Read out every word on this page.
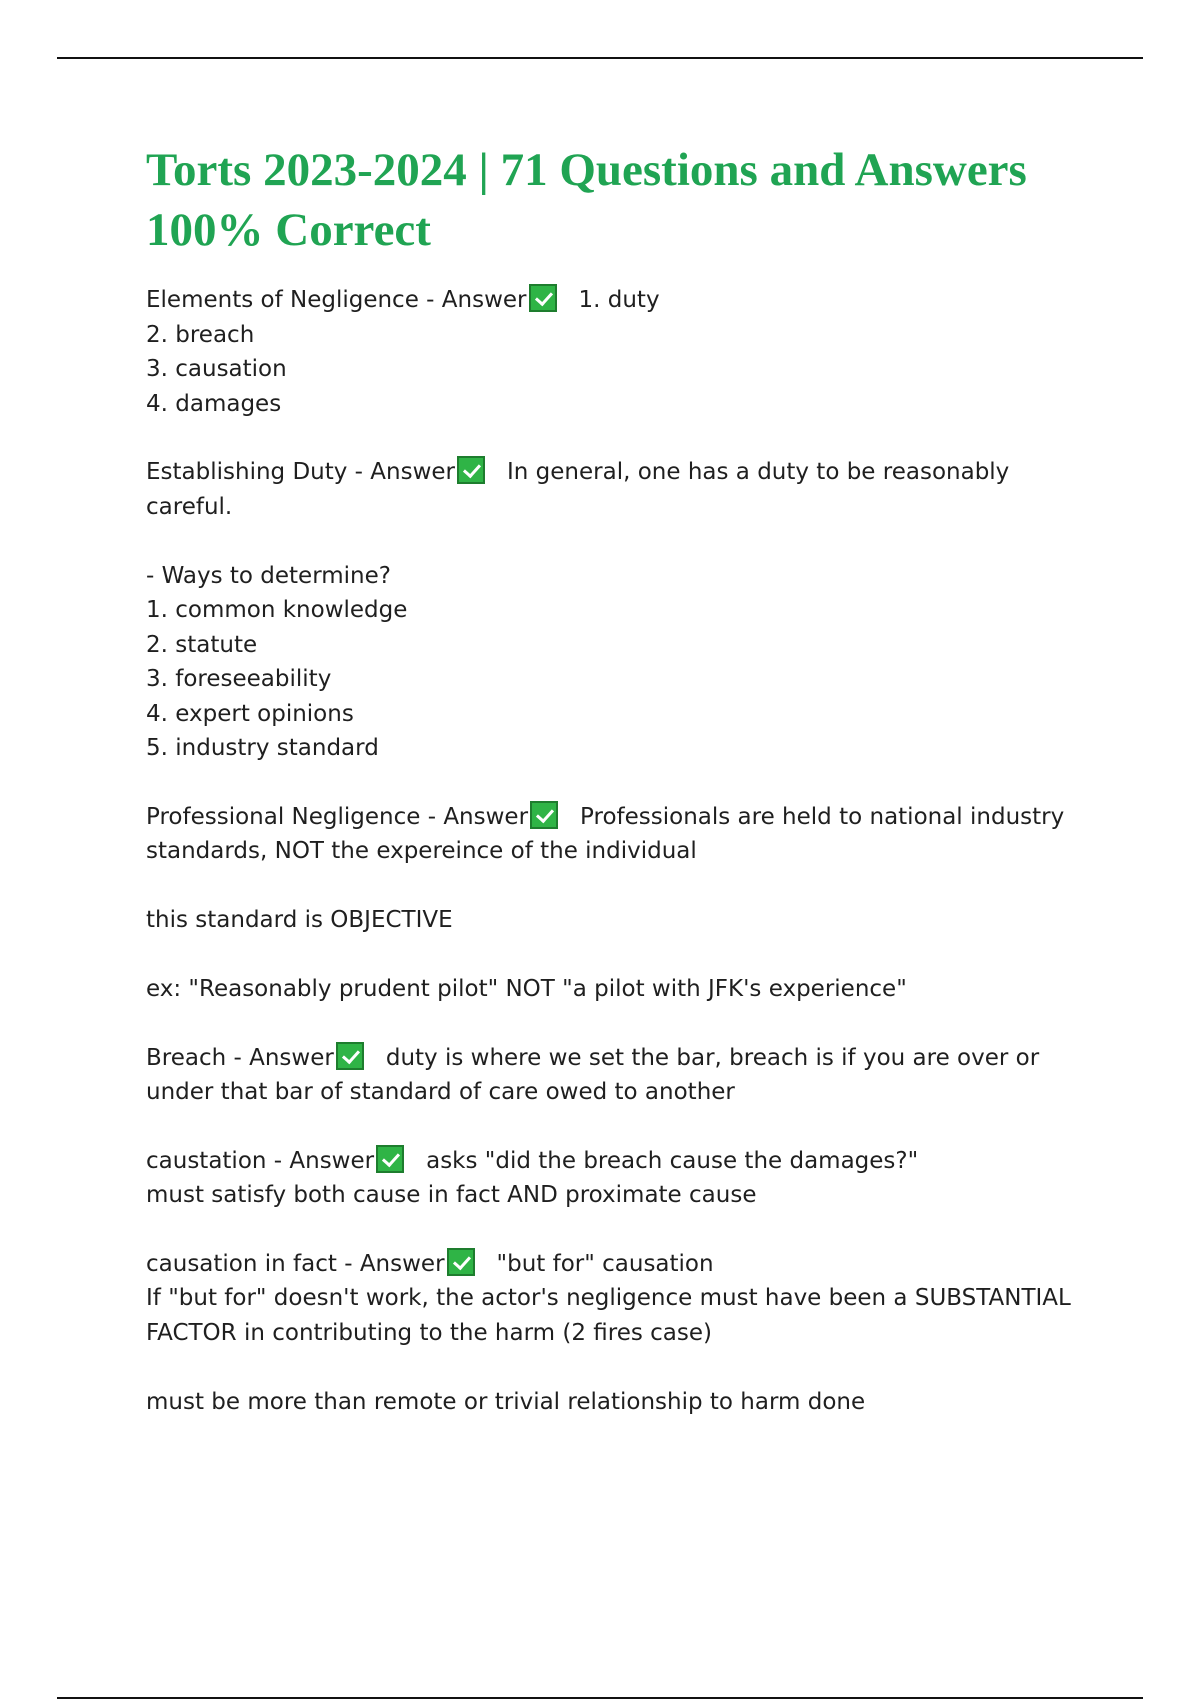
Torts 2023-2024 | 71 Questions and Answers
100% Correct
Elements of Negligence - Answer 1. duty
2. breach
3. causation
4. damages
Establishing Duty - Answer In general, one has a duty to be reasonably
careful.
- Ways to determine?
1. common knowledge
2. statute
3. foreseeability
4. expert opinions
5. industry standard
Professional Negligence - Answer Professionals are held to national industry
standards, NOT the expereince of the individual
this standard is OBJECTIVE
ex: "Reasonably prudent pilot" NOT "a pilot with JFK's experience"
Breach - Answer duty is where we set the bar, breach is if you are over or
under that bar of standard of care owed to another
caustation - Answer asks "did the breach cause the damages?"
must satisfy both cause in fact AND proximate cause
causation in fact - Answer "but for" causation
If "but for" doesn't work, the actor's negligence must have been a SUBSTANTIAL
FACTOR in contributing to the harm (2 fires case)
must be more than remote or trivial relationship to harm done
